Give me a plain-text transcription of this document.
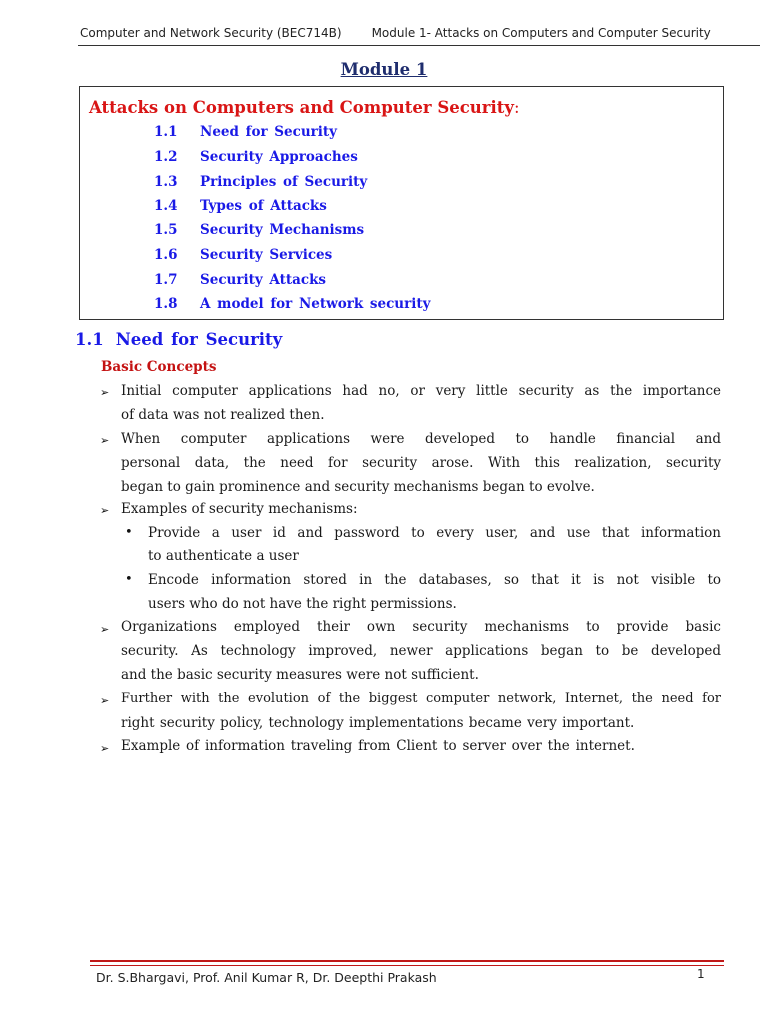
Computer and Network Security (BEC714B)	Module 1- Attacks on Computers and Computer Security
Module 1
Attacks on Computers and Computer Security:
1.1 Need for Security
1.2 Security Approaches
1.3 Principles of Security
1.4 Types of Attacks
1.5 Security Mechanisms
1.6 Security Services
1.7 Security Attacks
1.8 A model for Network security
1.1 Need for Security
Basic Concepts
➢ Initial computer applications had no, or very little security as the importance
of data was not realized then.
➢ When computer applications were developed to handle financial and
personal data, the need for security arose. With this realization, security
began to gain prominence and security mechanisms began to evolve.
➢ Examples of security mechanisms:
• Provide a user id and password to every user, and use that information
to authenticate a user
• Encode information stored in the databases, so that it is not visible to
users who do not have the right permissions.
➢ Organizations employed their own security mechanisms to provide basic
security. As technology improved, newer applications began to be developed
and the basic security measures were not sufficient.
➢ Further with the evolution of the biggest computer network, Internet, the need for
right security policy, technology implementations became very important.
➢ Example of information traveling from Client to server over the internet.
Dr. S.Bhargavi, Prof. Anil Kumar R, Dr. Deepthi Prakash	1
